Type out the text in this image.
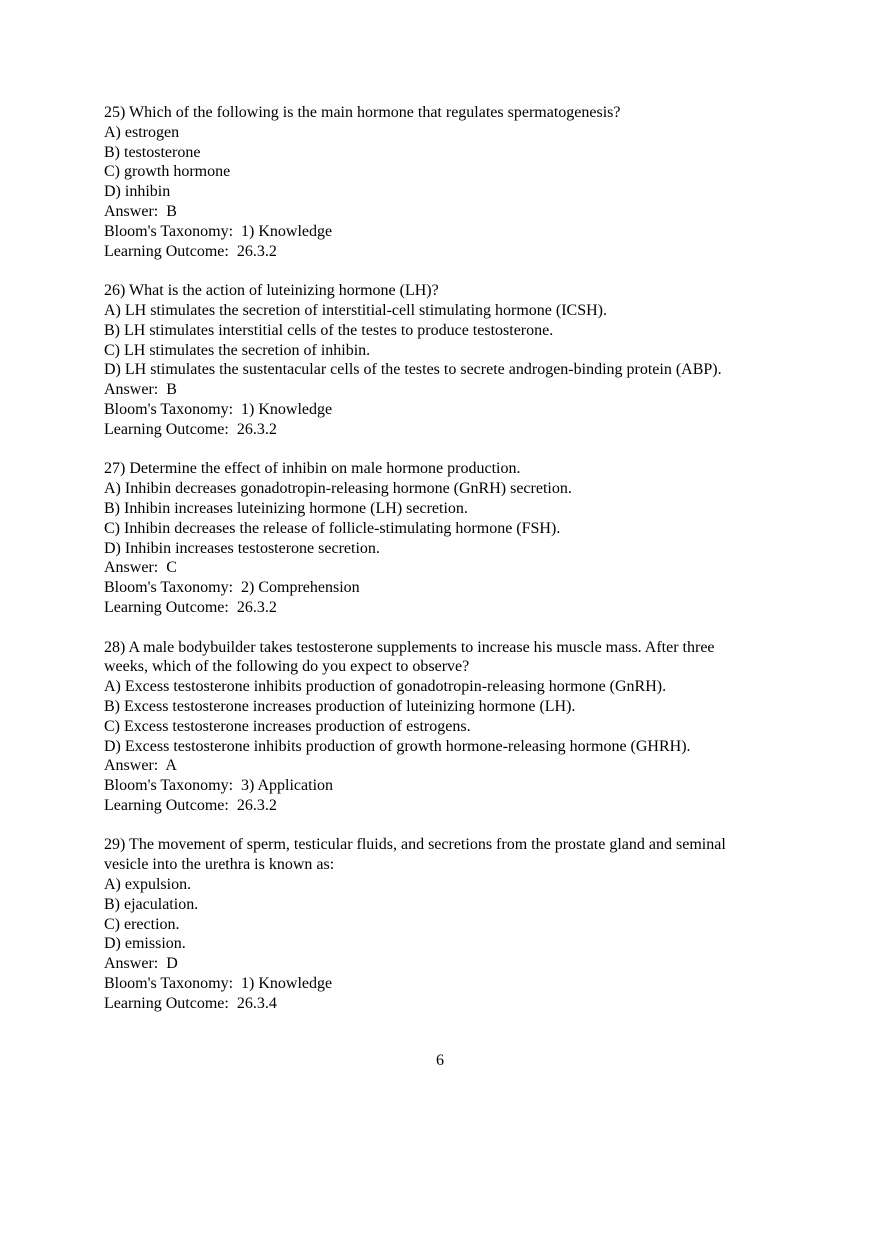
25) Which of the following is the main hormone that regulates spermatogenesis?

A) estrogen

B) testosterone

C) growth hormone

D) inhibin

Answer:  B

Bloom's Taxonomy:  1) Knowledge

Learning Outcome:  26.3.2

26) What is the action of luteinizing hormone (LH)?

A) LH stimulates the secretion of interstitial-cell stimulating hormone (ICSH).

B) LH stimulates interstitial cells of the testes to produce testosterone.

C) LH stimulates the secretion of inhibin.

D) LH stimulates the sustentacular cells of the testes to secrete androgen-binding protein (ABP).

Answer:  B

Bloom's Taxonomy:  1) Knowledge

Learning Outcome:  26.3.2

27) Determine the effect of inhibin on male hormone production.

A) Inhibin decreases gonadotropin-releasing hormone (GnRH) secretion.

B) Inhibin increases luteinizing hormone (LH) secretion.

C) Inhibin decreases the release of follicle-stimulating hormone (FSH).

D) Inhibin increases testosterone secretion.

Answer:  C

Bloom's Taxonomy:  2) Comprehension

Learning Outcome:  26.3.2

28) A male bodybuilder takes testosterone supplements to increase his muscle mass. After three

weeks, which of the following do you expect to observe?

A) Excess testosterone inhibits production of gonadotropin-releasing hormone (GnRH).

B) Excess testosterone increases production of luteinizing hormone (LH).

C) Excess testosterone increases production of estrogens.

D) Excess testosterone inhibits production of growth hormone-releasing hormone (GHRH).

Answer:  A

Bloom's Taxonomy:  3) Application

Learning Outcome:  26.3.2

29) The movement of sperm, testicular fluids, and secretions from the prostate gland and seminal

vesicle into the urethra is known as:

A) expulsion.

B) ejaculation.

C) erection.

D) emission.

Answer:  D

Bloom's Taxonomy:  1) Knowledge

Learning Outcome:  26.3.4

6
